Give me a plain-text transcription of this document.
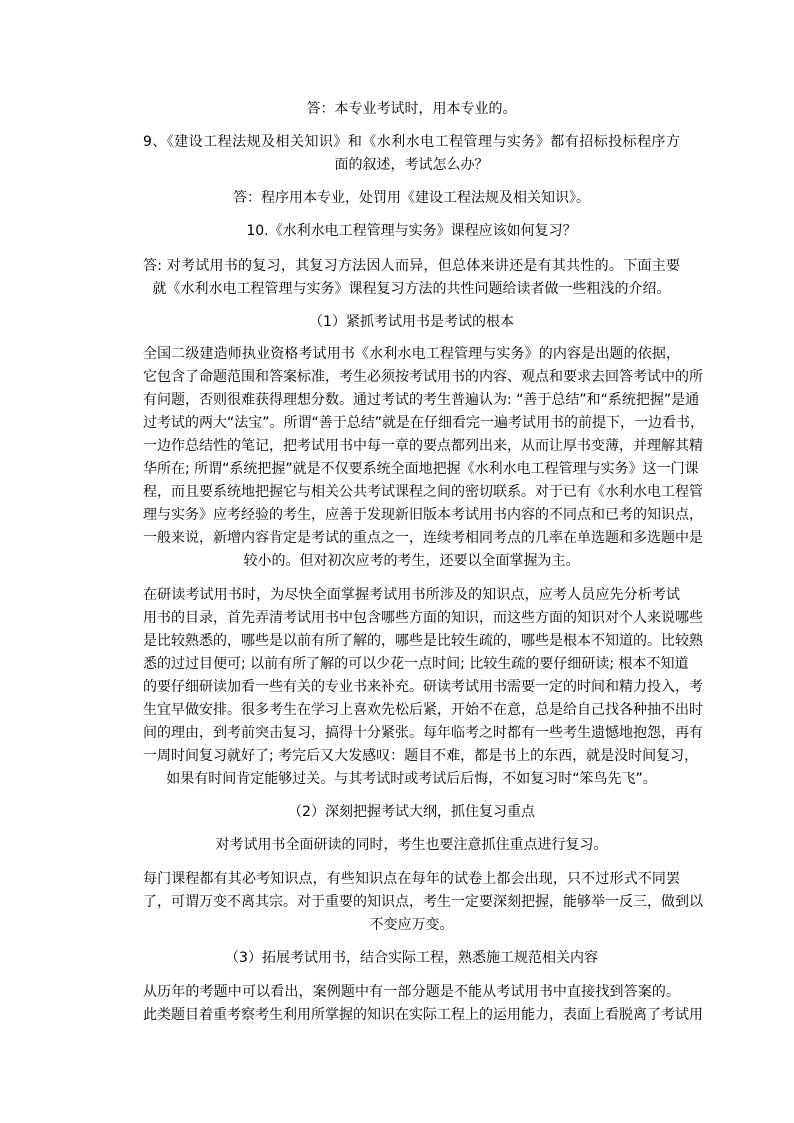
答：本专业考试时，用本专业的。
9、《建设工程法规及相关知识》和《水利水电工程管理与实务》都有招标投标程序方
面的叙述，考试怎么办？
答：程序用本专业，处罚用《建设工程法规及相关知识》。
10.《水利水电工程管理与实务》课程应该如何复习？
答: 对考试用书的复习，其复习方法因人而异，但总体来讲还是有其共性的。下面主要
就《水利水电工程管理与实务》课程复习方法的共性问题给读者做一些粗浅的介绍。
（1）紧抓考试用书是考试的根本
全国二级建造师执业资格考试用书《水利水电工程管理与实务》的内容是出题的依据，
它包含了命题范围和答案标准，考生必须按考试用书的内容、观点和要求去回答考试中的所
有问题，否则很难获得理想分数。通过考试的考生普遍认为: “善于总结”和“系统把握”是通
过考试的两大“法宝”。所谓“善于总结”就是在仔细看完一遍考试用书的前提下，一边看书，
一边作总结性的笔记，把考试用书中每一章的要点都列出来，从而让厚书变薄，并理解其精
华所在; 所谓“系统把握”就是不仅要系统全面地把握《水利水电工程管理与实务》这一门课
程，而且要系统地把握它与相关公共考试课程之间的密切联系。对于已有《水利水电工程管
理与实务》应考经验的考生，应善于发现新旧版本考试用书内容的不同点和已考的知识点，
一般来说，新增内容肯定是考试的重点之一，连续考相同考点的几率在单选题和多选题中是
较小的。但对初次应考的考生，还要以全面掌握为主。
在研读考试用书时，为尽快全面掌握考试用书所涉及的知识点，应考人员应先分析考试
用书的目录，首先弄清考试用书中包含哪些方面的知识，而这些方面的知识对个人来说哪些
是比较熟悉的，哪些是以前有所了解的，哪些是比较生疏的，哪些是根本不知道的。比较熟
悉的过过目便可; 以前有所了解的可以少花一点时间; 比较生疏的要仔细研读; 根本不知道
的要仔细研读加看一些有关的专业书来补充。研读考试用书需要一定的时间和精力投入，考
生宜早做安排。很多考生在学习上喜欢先松后紧，开始不在意，总是给自己找各种抽不出时
间的理由，到考前突击复习，搞得十分紧张。每年临考之时都有一些考生遗憾地抱怨，再有
一周时间复习就好了; 考完后又大发感叹：题目不难，都是书上的东西，就是没时间复习，
如果有时间肯定能够过关。与其考试时或考试后后悔，不如复习时“笨鸟先飞”。
（2）深刻把握考试大纲，抓住复习重点
对考试用书全面研读的同时，考生也要注意抓住重点进行复习。
每门课程都有其必考知识点，有些知识点在每年的试卷上都会出现，只不过形式不同罢
了，可谓万变不离其宗。对于重要的知识点，考生一定要深刻把握，能够举一反三，做到以
不变应万变。
（3）拓展考试用书，结合实际工程，熟悉施工规范相关内容
从历年的考题中可以看出，案例题中有一部分题是不能从考试用书中直接找到答案的。
此类题目着重考察考生利用所掌握的知识在实际工程上的运用能力，表面上看脱离了考试用
